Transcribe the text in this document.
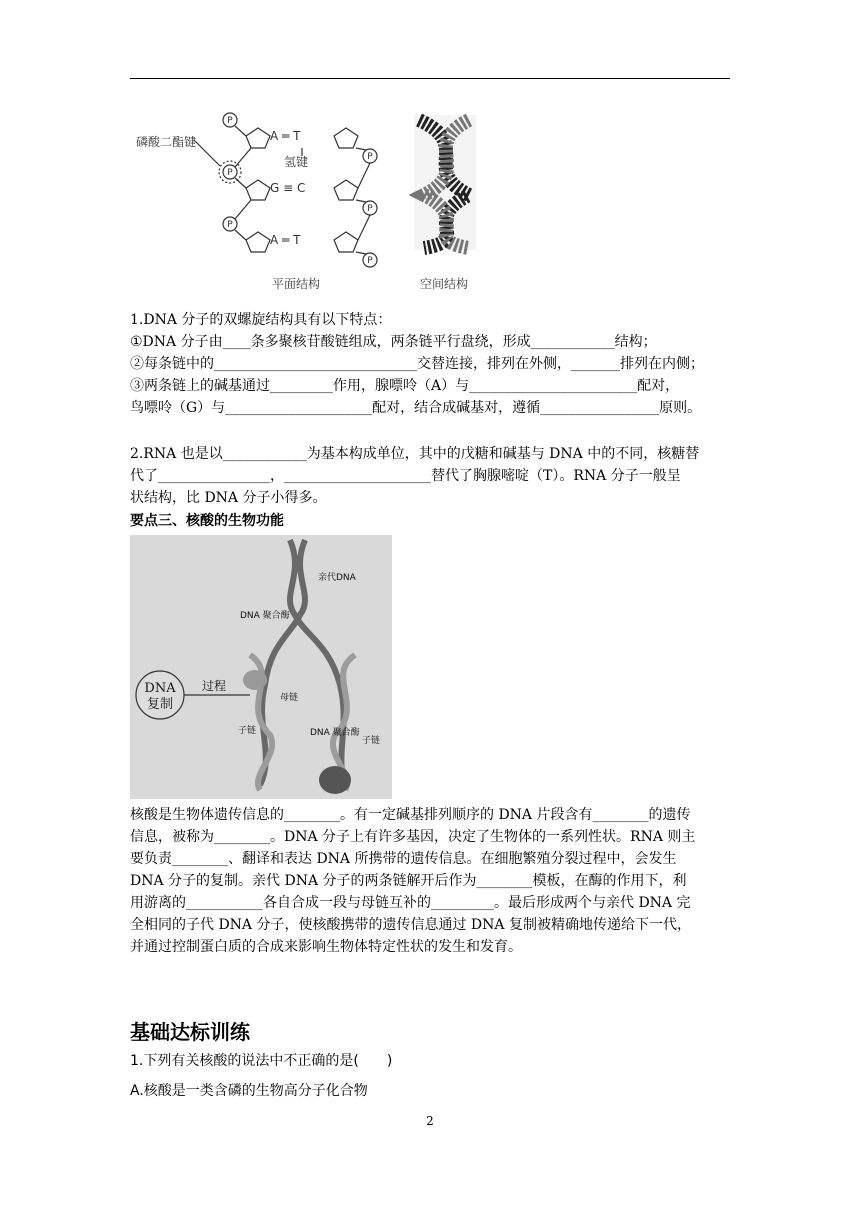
磷酸二酯键
氢键
A ═ T
G ≡ C
A ═ T
P
P
P
P
P
P
平面结构	空间结构
1.DNA 分子的双螺旋结构具有以下特点：
①DNA 分子由____条多聚核苷酸链组成，两条链平行盘绕，形成____________结构；
②每条链中的_____________________________交替连接，排列在外侧，_______排列在内侧；
③两条链上的碱基通过_________作用，腺嘌呤（A）与________________________配对，
鸟嘌呤（G）与_____________________配对，结合成碱基对，遵循_________________原则。
2.RNA 也是以____________为基本构成单位，其中的戊糖和碱基与 DNA 中的不同，核糖替
代了________________，_____________________替代了胸腺嘧啶（T）。RNA 分子一般呈
状结构，比 DNA 分子小得多。
要点三、核酸的生物功能
DNA
复制
过程
亲代DNA
DNA 聚合酶
母链
子链	DNA 聚合酶
子链
核酸是生物体遗传信息的________。有一定碱基排列顺序的 DNA 片段含有________的遗传
信息，被称为________。DNA 分子上有许多基因，决定了生物体的一系列性状。RNA 则主
要负责________、翻译和表达 DNA 所携带的遗传信息。在细胞繁殖分裂过程中，会发生
DNA 分子的复制。亲代 DNA 分子的两条链解开后作为________模板，在酶的作用下，利
用游离的___________各自合成一段与母链互补的_________。最后形成两个与亲代 DNA 完
全相同的子代 DNA 分子，使核酸携带的遗传信息通过 DNA 复制被精确地传递给下一代，
并通过控制蛋白质的合成来影响生物体特定性状的发生和发育。
基础达标训练
1.下列有关核酸的说法中不正确的是(　　)
A.核酸是一类含磷的生物高分子化合物
2
